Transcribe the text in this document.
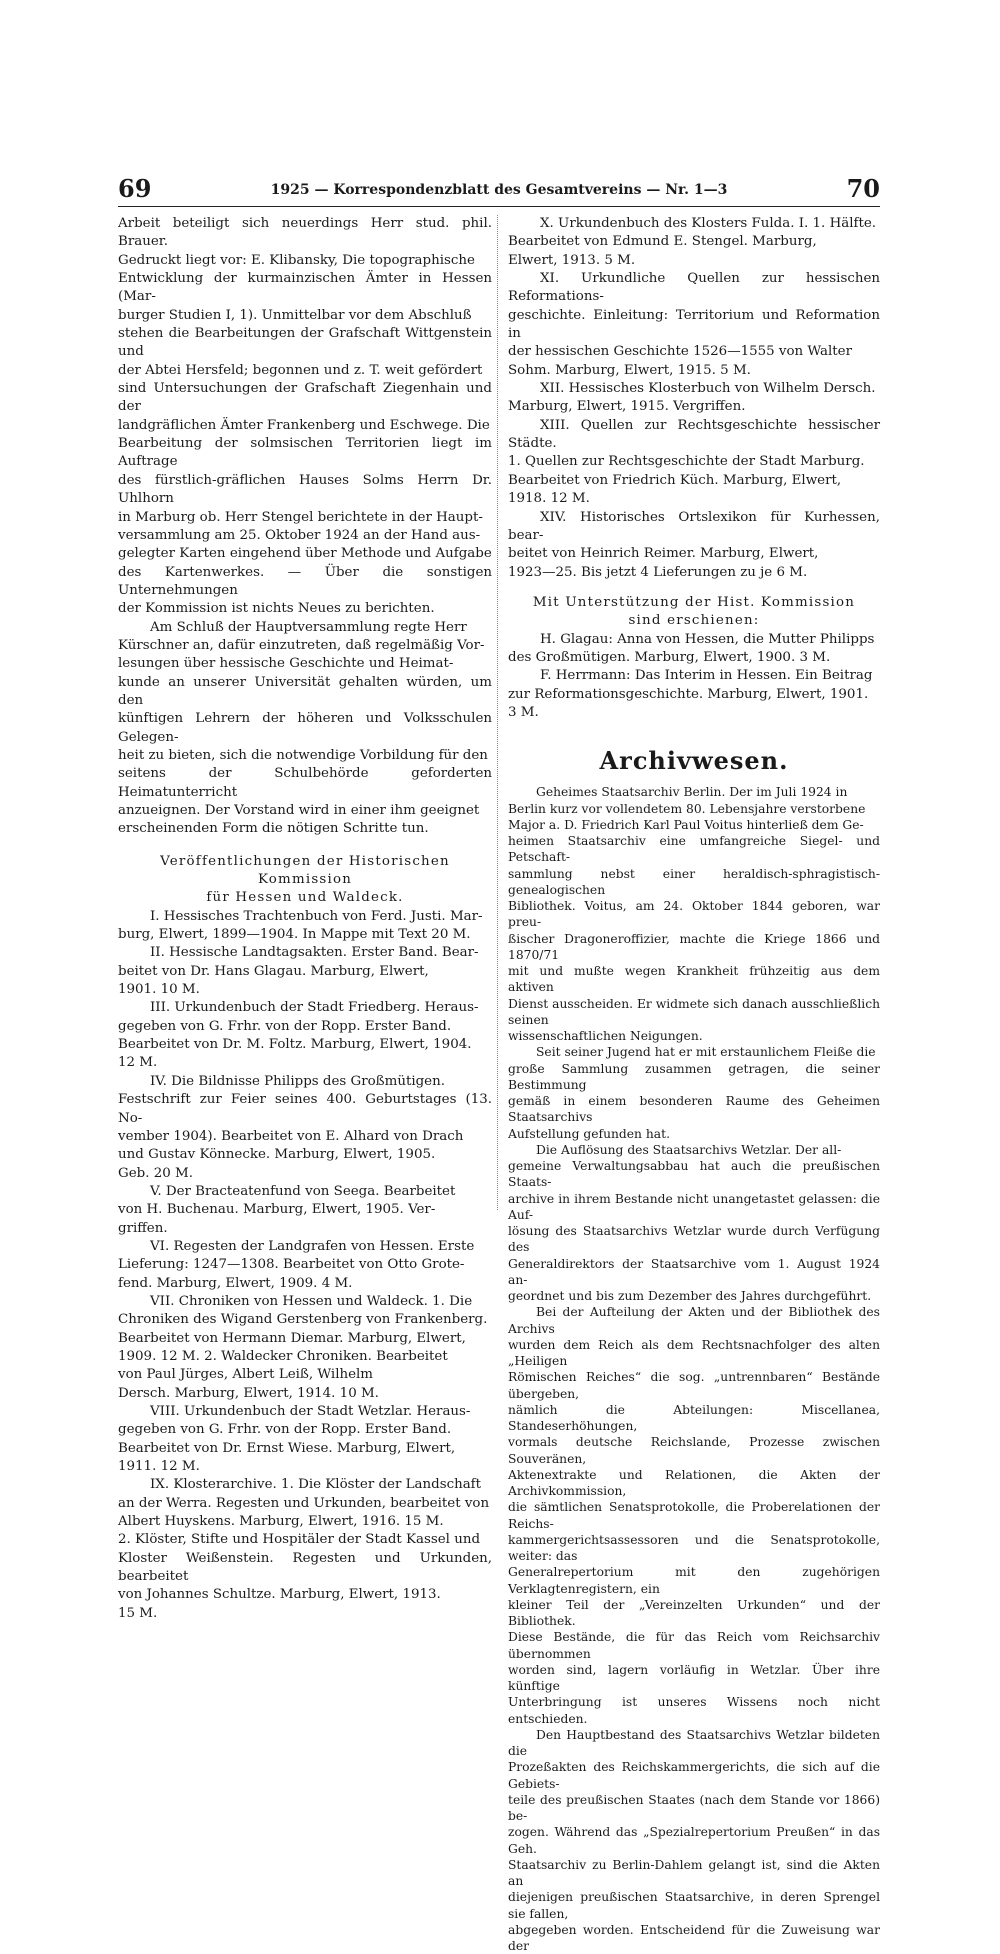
69	1925 — Korrespondenzblatt des Gesamtvereins — Nr. 1—3	70

Arbeit beteiligt sich neuerdings Herr stud. phil. Brauer.
Gedruckt liegt vor: E. Klibansky, Die topographische
Entwicklung der kurmainzischen Ämter in Hessen (Mar-
burger Studien I, 1). Unmittelbar vor dem Abschluß
stehen die Bearbeitungen der Grafschaft Wittgenstein und
der Abtei Hersfeld; begonnen und z. T. weit gefördert
sind Untersuchungen der Grafschaft Ziegenhain und der
landgräflichen Ämter Frankenberg und Eschwege. Die
Bearbeitung der solmsischen Territorien liegt im Auftrage
des fürstlich-gräflichen Hauses Solms Herrn Dr. Uhlhorn
in Marburg ob. Herr Stengel berichtete in der Haupt-
versammlung am 25. Oktober 1924 an der Hand aus-
gelegter Karten eingehend über Methode und Aufgabe
des Kartenwerkes. — Über die sonstigen Unternehmungen
der Kommission ist nichts Neues zu berichten.

Am Schluß der Hauptversammlung regte Herr
Kürschner an, dafür einzutreten, daß regelmäßig Vor-
lesungen über hessische Geschichte und Heimat-
kunde an unserer Universität gehalten würden, um den
künftigen Lehrern der höheren und Volksschulen Gelegen-
heit zu bieten, sich die notwendige Vorbildung für den
seitens der Schulbehörde geforderten Heimatunterricht
anzueignen. Der Vorstand wird in einer ihm geeignet
erscheinenden Form die nötigen Schritte tun.

Veröffentlichungen der Historischen Kommission
für Hessen und Waldeck.

I. Hessisches Trachtenbuch von Ferd. Justi. Mar-
burg, Elwert, 1899—1904. In Mappe mit Text 20 M.

II. Hessische Landtagsakten. Erster Band. Bear-
beitet von Dr. Hans Glagau. Marburg, Elwert,
1901. 10 M.

III. Urkundenbuch der Stadt Friedberg. Heraus-
gegeben von G. Frhr. von der Ropp. Erster Band.
Bearbeitet von Dr. M. Foltz. Marburg, Elwert, 1904.
12 M.

IV. Die Bildnisse Philipps des Großmütigen.
Festschrift zur Feier seines 400. Geburtstages (13. No-
vember 1904). Bearbeitet von E. Alhard von Drach
und Gustav Könnecke. Marburg, Elwert, 1905.
Geb. 20 M.

V. Der Bracteatenfund von Seega. Bearbeitet
von H. Buchenau. Marburg, Elwert, 1905. Ver-
griffen.

VI. Regesten der Landgrafen von Hessen. Erste
Lieferung: 1247—1308. Bearbeitet von Otto Grote-
fend. Marburg, Elwert, 1909. 4 M.

VII. Chroniken von Hessen und Waldeck. 1. Die
Chroniken des Wigand Gerstenberg von Frankenberg.
Bearbeitet von Hermann Diemar. Marburg, Elwert,
1909. 12 M. 2. Waldecker Chroniken. Bearbeitet
von Paul Jürges, Albert Leiß, Wilhelm
Dersch. Marburg, Elwert, 1914. 10 M.

VIII. Urkundenbuch der Stadt Wetzlar. Heraus-
gegeben von G. Frhr. von der Ropp. Erster Band.
Bearbeitet von Dr. Ernst Wiese. Marburg, Elwert,
1911. 12 M.

IX. Klosterarchive. 1. Die Klöster der Landschaft
an der Werra. Regesten und Urkunden, bearbeitet von
Albert Huyskens. Marburg, Elwert, 1916. 15 M.
2. Klöster, Stifte und Hospitäler der Stadt Kassel und
Kloster Weißenstein. Regesten und Urkunden, bearbeitet
von Johannes Schultze. Marburg, Elwert, 1913.
15 M.

X. Urkundenbuch des Klosters Fulda. I. 1. Hälfte.
Bearbeitet von Edmund E. Stengel. Marburg,
Elwert, 1913. 5 M.

XI. Urkundliche Quellen zur hessischen Reformations-
geschichte. Einleitung: Territorium und Reformation in
der hessischen Geschichte 1526—1555 von Walter
Sohm. Marburg, Elwert, 1915. 5 M.

XII. Hessisches Klosterbuch von Wilhelm Dersch.
Marburg, Elwert, 1915. Vergriffen.

XIII. Quellen zur Rechtsgeschichte hessischer Städte.
1. Quellen zur Rechtsgeschichte der Stadt Marburg.
Bearbeitet von Friedrich Küch. Marburg, Elwert,
1918. 12 M.

XIV. Historisches Ortslexikon für Kurhessen, bear-
beitet von Heinrich Reimer. Marburg, Elwert,
1923—25. Bis jetzt 4 Lieferungen zu je 6 M.

Mit Unterstützung der Hist. Kommission
sind erschienen:

H. Glagau: Anna von Hessen, die Mutter Philipps
des Großmütigen. Marburg, Elwert, 1900. 3 M.

F. Herrmann: Das Interim in Hessen. Ein Beitrag
zur Reformationsgeschichte. Marburg, Elwert, 1901.
3 M.

Archivwesen.

Geheimes Staatsarchiv Berlin. Der im Juli 1924 in
Berlin kurz vor vollendetem 80. Lebensjahre verstorbene
Major a. D. Friedrich Karl Paul Voitus hinterließ dem Ge-
heimen Staatsarchiv eine umfangreiche Siegel- und Petschaft-
sammlung nebst einer heraldisch-sphragistisch-genealogischen
Bibliothek. Voitus, am 24. Oktober 1844 geboren, war preu-
ßischer Dragoneroffizier, machte die Kriege 1866 und 1870/71
mit und mußte wegen Krankheit frühzeitig aus dem aktiven
Dienst ausscheiden. Er widmete sich danach ausschließlich seinen
wissenschaftlichen Neigungen.

Seit seiner Jugend hat er mit erstaunlichem Fleiße die
große Sammlung zusammen getragen, die seiner Bestimmung
gemäß in einem besonderen Raume des Geheimen Staatsarchivs
Aufstellung gefunden hat.

Die Auflösung des Staatsarchivs Wetzlar. Der all-
gemeine Verwaltungsabbau hat auch die preußischen Staats-
archive in ihrem Bestande nicht unangetastet gelassen: die Auf-
lösung des Staatsarchivs Wetzlar wurde durch Verfügung des
Generaldirektors der Staatsarchive vom 1. August 1924 an-
geordnet und bis zum Dezember des Jahres durchgeführt.

Bei der Aufteilung der Akten und der Bibliothek des Archivs
wurden dem Reich als dem Rechtsnachfolger des alten „Heiligen
Römischen Reiches“ die sog. „untrennbaren“ Bestände übergeben,
nämlich die Abteilungen: Miscellanea, Standeserhöhungen,
vormals deutsche Reichslande, Prozesse zwischen Souveränen,
Aktenextrakte und Relationen, die Akten der Archivkommission,
die sämtlichen Senatsprotokolle, die Proberelationen der Reichs-
kammergerichtsassessoren und die Senatsprotokolle, weiter: das
Generalrepertorium mit den zugehörigen Verklagtenregistern, ein
kleiner Teil der „Vereinzelten Urkunden“ und der Bibliothek.
Diese Bestände, die für das Reich vom Reichsarchiv übernommen
worden sind, lagern vorläufig in Wetzlar. Über ihre künftige
Unterbringung ist unseres Wissens noch nicht entschieden.

Den Hauptbestand des Staatsarchivs Wetzlar bildeten die
Prozeßakten des Reichskammergerichts, die sich auf die Gebiets-
teile des preußischen Staates (nach dem Stande vor 1866) be-
zogen. Während das „Spezialrepertorium Preußen“ in das Geh.
Staatsarchiv zu Berlin-Dahlem gelangt ist, sind die Akten an
diejenigen preußischen Staatsarchive, in deren Sprengel sie fallen,
abgegeben worden. Entscheidend für die Zuweisung war der
